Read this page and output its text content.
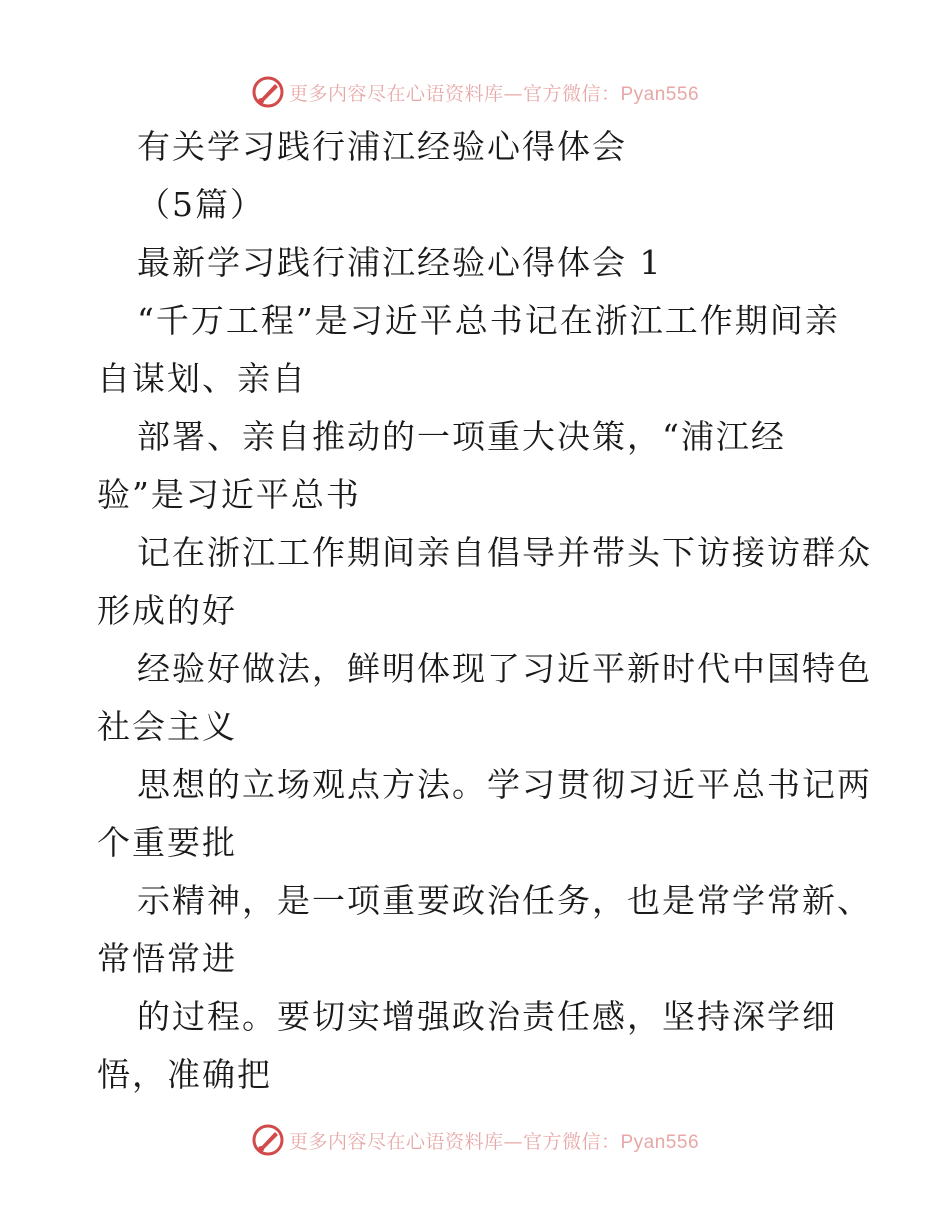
更多内容尽在心语资料库—官方微信：Pyan556
有关学习践行浦江经验心得体会
（5篇）
最新学习践行浦江经验心得体会 1
“千万工程”是习近平总书记在浙江工作期间亲
自谋划、亲自
部署、亲自推动的一项重大决策，“浦江经
验”是习近平总书
记在浙江工作期间亲自倡导并带头下访接访群众
形成的好
经验好做法，鲜明体现了习近平新时代中国特色
社会主义
思想的立场观点方法。学习贯彻习近平总书记两
个重要批
示精神，是一项重要政治任务，也是常学常新、
常悟常进
的过程。要切实增强政治责任感，坚持深学细
悟，准确把
更多内容尽在心语资料库—官方微信：Pyan556
